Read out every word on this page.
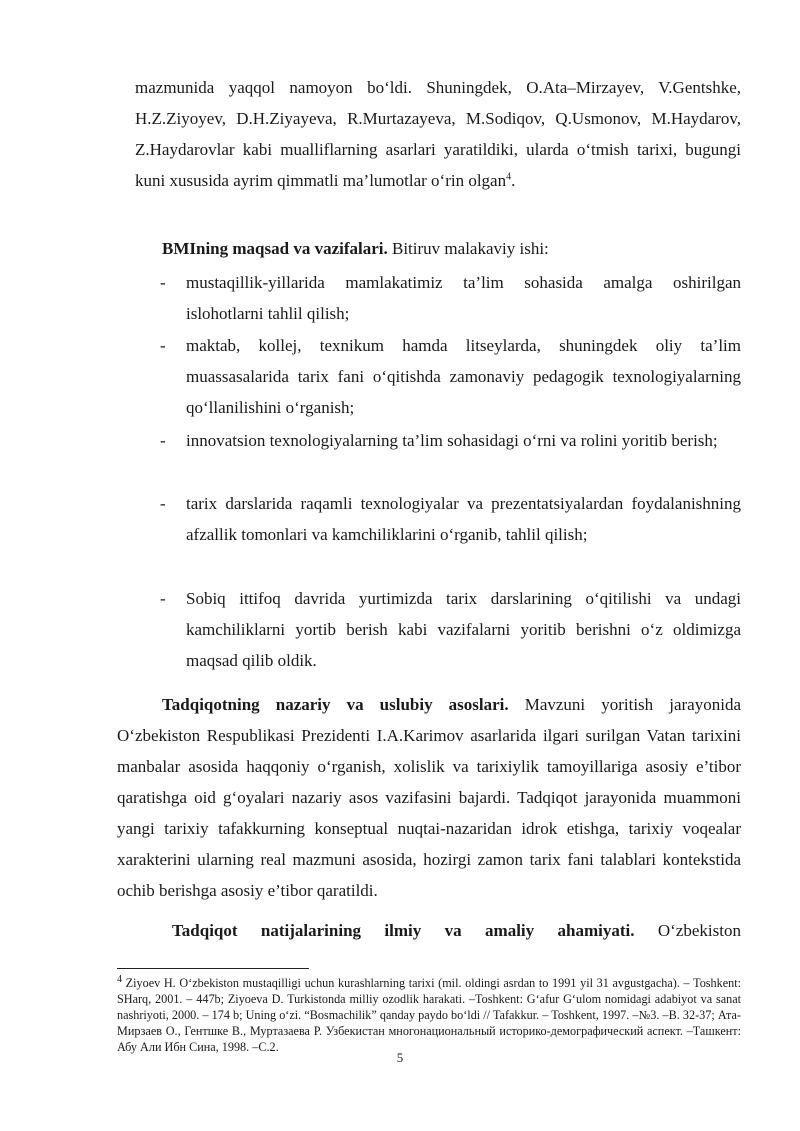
mazmunida yaqqol namoyon bo‘ldi. Shuningdek, O.Ata–Mirzayev, V.Gentshke, H.Z.Ziyoyev, D.H.Ziyayeva, R.Murtazayeva, M.Sodiqov, Q.Usmonov, M.Haydarov, Z.Haydarovlar kabi mualliflarning asarlari yaratildiki, ularda o‘tmish tarixi, bugungi kuni xususida ayrim qimmatli ma’lumotlar o‘rin olgan$^4$.

BMIning maqsad va vazifalari. Bitiruv malakaviy ishi:

- mustaqillik-yillarida mamlakatimiz ta’lim sohasida amalga oshirilgan islohotlarni tahlil qilish;

- maktab, kollej, texnikum hamda litseylarda, shuningdek oliy ta’lim muassasalarida tarix fani o‘qitishda zamonaviy pedagogik texnologiyalarning qo‘llanilishini o‘rganish;

- innovatsion texnologiyalarning ta’lim sohasidagi o‘rni va rolini yoritib berish;

- tarix darslarida raqamli texnologiyalar va prezentatsiyalardan foydalanishning afzallik tomonlari va kamchiliklarini o‘rganib, tahlil qilish;

- Sobiq ittifoq davrida yurtimizda tarix darslarining o‘qitilishi va undagi kamchiliklarni yortib berish kabi vazifalarni yoritib berishni o‘z oldimizga maqsad qilib oldik.

Tadqiqotning nazariy va uslubiy asoslari. Mavzuni yoritish jarayonida O‘zbekiston Respublikasi Prezidenti I.A.Karimov asarlarida ilgari surilgan Vatan tarixini manbalar asosida haqqoniy o‘rganish, xolislik va tarixiylik tamoyillariga asosiy e’tibor qaratishga oid g‘oyalari nazariy asos vazifasini bajardi. Tadqiqot jarayonida muammoni yangi tarixiy tafakkurning konseptual nuqtai-nazaridan idrok etishga, tarixiy voqealar xarakterini ularning real mazmuni asosida, hozirgi zamon tarix fani talablari kontekstida ochib berishga asosiy e’tibor qaratildi.

Tadqiqot natijalarining ilmiy va amaliy ahamiyati. O‘zbekiston

$^4$ Ziyoev H. O‘zbekiston mustaqilligi uchun kurashlarning tarixi (mil. oldingi asrdan to 1991 yil 31 avgustgacha). – Toshkent: SHarq, 2001. – 447b; Ziyoeva D. Turkistonda milliy ozodlik harakati. –Toshkent: G‘afur G‘ulom nomidagi adabiyot va sanat nashriyoti, 2000. – 174 b; Uning o‘zi. “Bosmachilik” qanday paydo bo‘ldi // Tafakkur. – Toshkent, 1997. –№3. –B. 32-37; Ата-Мирзаев О., Гентшке В., Муртазаева Р. Узбекистан многонациональный историко-демографический аспект. –Ташкент: Абу Али Ибн Сина, 1998. –С.2.

5
